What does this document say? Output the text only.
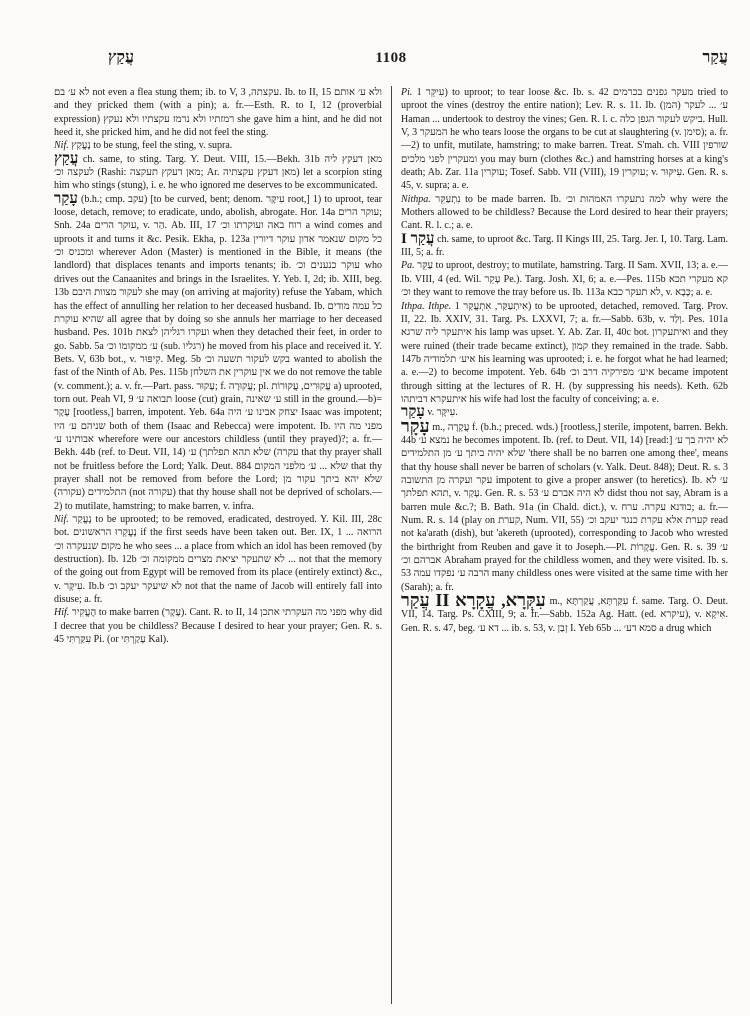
עֲקַץ	1108	עֲקַר

לא ע׳ בם not even a flea stung them; ib. to V, 3 ,עקצתה. Ib. to II, 15 ולא ע׳ אותם and they pricked them (with a pin); a. fr.—Esth. R. to I, 12 (proverbial expression) רמזתיו ולא נרמז עקצתיו ולא נעקץ she gave him a hint, and he did not heed it, she pricked him, and he did not feel the sting.

Nif. נֶעֱקַץ to be stung, feel the sting, v. supra.

עֲקַץ ch. same, to sting. Targ. Y. Deut. VIII, 15.—Bekh. 31b מאן דעקץ ליה לעקצה וכ׳ (Rashi: מאן דעקץ תעקצה; Ar. מאן דעקץ עקצתיה) let a scorpion sting him who stings (stung), i. e. he who ignored me deserves to be excommunicated.

עָקַר (b.h.; cmp. עקב) [to be curved, bent; denom. עִיקָּר root,] 1) to uproot, tear loose, detach, remove; to eradicate, undo, abolish, abrogate. Hor. 14a עוקר הרים; Snh. 24a עוקר הרים, v. הַר. Ab. III, 17 רוח באה ועוקרתו וכ׳ a wind comes and uproots it and turns it &c. Pesik. Ekha, p. 123a כל מקום שנאמר אדון עוקר דיורין ומכניס וכ׳ wherever Adon (Master) is mentioned in the Bible, it means (the landlord) that displaces tenants and imports tenants; ib. עוקר כנענים וכ׳ who drives out the Canaanites and brings in the Israelites. Y. Yeb. I, 2d; ib. XIII, beg. 13b לעקור מצוות היבם she may (on arriving at majority) refuse the Yabam, which has the effect of annulling her relation to her deceased husband. Ib. כל עמה מודים שהיא עוקרת all agree that by doing so she annuls her marriage to her deceased husband. Pes. 101b ועקרו רגליהן לצאת when they detached their feet, in order to go. Sabb. 5a ע׳ ממקומו וכ׳ (sub. רגליו) he moved from his place and received it. Y. Bets. V, 63b bot., v. קִיפּוּר. Meg. 5b בקש לעקור תשעה וכ׳ wanted to abolish the fast of the Ninth of Ab. Pes. 115b אין עוקרין את השלחן we do not remove the table (v. comment.); a. v. fr.—Part. pass. עָקוּר; f. עֲקוּרָה; pl. עֲקוּרִים, עֲקוּרוֹת a) uprooted, torn out. Peah VI, 9 תבואה ע׳ loose (cut) grain, ע׳ שאינה still in the ground.—b)= עָקָר [rootless,] barren, impotent. Yeb. 64a יצחק אבינו ע׳ היה Isaac was impotent; שניהם ע׳ היו both of them (Isaac and Rebecca) were impotent. Ib. מפני מה היו אבותינו ע׳ wherefore were our ancestors childless (until they prayed)?; a. fr.—Bekh. 44b (ref. to Deut. VII, 14) עקרה) שלא תהא תפלתך) ע׳ that thy prayer shall not be fruitless before the Lord; Yalk. Deut. 884 שלא ... ע׳ מלפני המקום that thy prayer shall not be removed from before the Lord; שלא יהא ביתך עקור מן התלמידים (עקורה) (not עקורה) that thy house shall not be deprived of scholars.—2) to mutilate, hamstring; to make barren, v. infra.

Nif. נֶעֱקַר to be uprooted; to be removed, eradicated, destroyed. Y. Kil. III, 28c bot. נֶעֱקְרוּ הראשונים if the first seeds have been taken out. Ber. IX, 1 ... הרואה מקום שנעקרה וכ׳ he who sees ... a place from which an idol has been removed (by destruction). Ib. 12b לא שתעקר יציאת מצרים ממקומה וכ׳ ... not that the memory of the going out from Egypt will be removed from its place (entirely extinct) &c., v. עִיקָּר. Ib.b לא שיעקר יעקב וכ׳ not that the name of Jacob will entirely fall into disuse; a. fr.

Hif. הֶעֱקִיר to make barren (עָקָר). Cant. R. to II, 14 מפני מה העקרתי אתכן why did I decree that you be childless? Because I desired to hear your prayer; Gen. R. s. 45 עִקַּרְתִּי Pi. (or עָקַרְתִּי Kal).

Pi. עִיקֵּר 1) to uproot; to tear loose &c. Ib. s. 42 מעקר גפנים בכרמים tried to uproot the vines (destroy the entire nation); Lev. R. s. 11. Ib. ע׳ ... לעקר (המן) Haman ... undertook to destroy the vines; Gen. R. l. c. ביקש לעקור הגפן כלה. Hull. V, 3 המעקר he who tears loose the organs to be cut at slaughtering (v. סימן); a. fr.—2) to unfit, mutilate, hamstring; to make barren. Treat. S'mah. ch. VIII שורפין ומעקרין לפני מלכים you may burn (clothes &c.) and hamstring horses at a king's death; Ab. Zar. 11a עוקרין; Tosef. Sabb. VII (VIII), 19 עוקרין; v. עִיקּוּר. Gen. R. s. 45, v. supra; a. e.

Nithpa. נִתְעַקֵּר to be made barren. Ib. למה נתעקרו האמהות וכ׳ why were the Mothers allowed to be childless? Because the Lord desired to hear their prayers; Cant. R. l. c.; a. e.

עֲקַר I ch. same, to uproot &c. Targ. II Kings III, 25. Targ. Jer. I, 10. Targ. Lam. III, 5; a. fr.

Pa. עַקֵּר to uproot, destroy; to mutilate, hamstring. Targ. II Sam. XVII, 13; a. e.—Ib. VIII, 4 (ed. Wil. עָקֵר Pe.). Targ. Josh. XI, 6; a. e.—Pes. 115b קא מעקרי תכא וכ׳ they want to remove the tray before us. Ib. 113a לא תעקר כבא, v. כָּבָא; a. e.

Ithpa. Ithpe. אִיתְעַקַּר, אִתְעֲקַר 1) to be uprooted, detached, removed. Targ. Prov. II, 22. Ib. XXIV, 31. Targ. Ps. LXXVI, 7; a. fr.—Sabb. 63b, v. וְלַד. Pes. 101a איתעקר ליה שרגא his lamp was upset. Y. Ab. Zar. II, 40c bot. ואיתעקרון and they were ruined (their trade became extinct), קמון they remained in the trade. Sabb. 147b איע׳ תלמודיה his learning was uprooted; i. e. he forgot what he had learned; a. e.—2) to become impotent. Yeb. 64b איע׳ מפירקיה דרב וכ׳ became impotent through sitting at the lectures of R. H. (by suppressing his needs). Keth. 62b איתעקרא דביתהו his wife had lost the faculty of conceiving; a. e.

עָקַר v. עִיקָּר.

עָקָר m., עֲקָרָה f. (b.h.; preced. wds.) [rootless,] sterile, impotent, barren. Bekh. 44b נמצא ע׳ he becomes impotent. Ib. (ref. to Deut. VII, 14) [read:] לא יהיה בך ע׳ שלא יהיה ביתך ע׳ מן התלמידים 'there shall be no barren one among thee', means that thy house shall never be barren of scholars (v. Yalk. Deut. 848); Deut. R. s. 3 עקר ועקרה מן התשובה impotent to give a proper answer (to heretics). Ib. ע׳ לא תהא תפלתך, v. עָקַר. Gen. R. s. 53 לא היה אברם ע׳ didst thou not say, Abram is a barren mule &c.?; B. Bath. 91a (in Chald. dict.), v. כודנא עקרה. ערח; a. fr.—Num. R. s. 14 (play on קערת, Num. VII, 55) קערת אלא עקרת כנגד יעקב וכ׳ read not ka'arath (dish), but 'akereth (uprooted), corresponding to Jacob who wrested the birthright from Reuben and gave it to Joseph.—Pl. עֲקָרוֹת. Gen. R. s. 39 ע׳ אברהם וכ׳ Abraham prayed for the childless women, and they were visited. Ib. s. 53 הרבה ע׳ נפקדו עמה many childless ones were visited at the same time with her (Sarah); a. fr.

עִקְּרָא, עֲקָרָא II עֲקַר m., עִקַּרְתָּא, עֲקַרְתָּא f. same. Targ. O. Deut. VII, 14. Targ. Ps. CXIII, 9; a. fr.—Sabb. 152a Ag. Hatt. (ed. עיקרא), v. אִיקָא. Gen. R. s. 47, beg. דא ע׳ ... ib. s. 53, v. זְבַן I. Yeb 65b ... סמא דע׳ a drug which
